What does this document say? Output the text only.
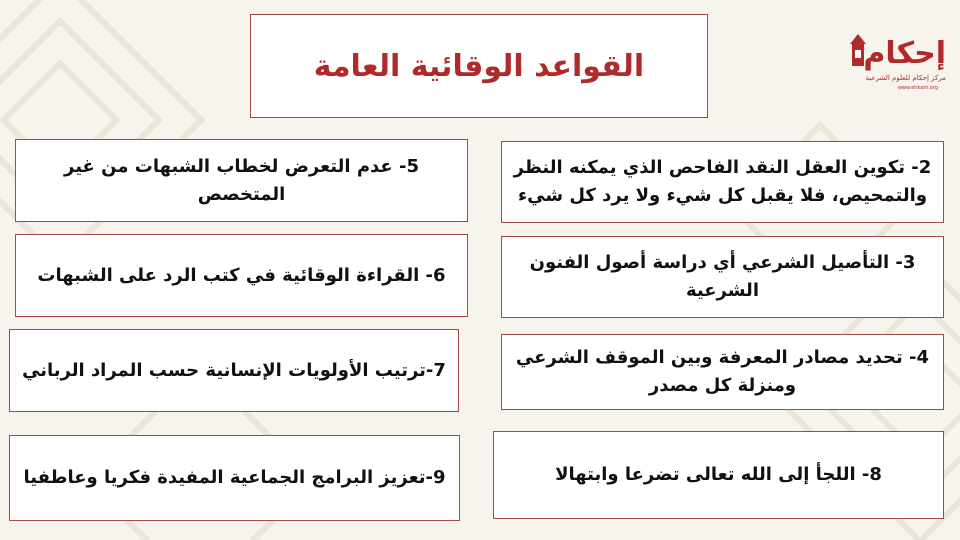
إحكام
مركز إحكام للعلوم الشرعية
www.ehkam.org
القواعد الوقائية العامة
2- تكوين العقل النقد الفاحص الذي يمكنه النظر والتمحيص، فلا يقبل كل شيء ولا يرد كل شيء
3- التأصيل الشرعي أي دراسة أصول الفنون الشرعية
4- تحديد مصادر المعرفة وبين الموقف الشرعي ومنزلة كل مصدر
8- اللجأ إلى الله تعالى تضرعا وابتهالا
5- عدم التعرض لخطاب الشبهات من غير المتخصص
6- القراءة الوقائية في كتب الرد على الشبهات
7-ترتيب الأولويات الإنسانية حسب المراد الرباني
9-تعزيز البرامج الجماعية المفيدة فكريا وعاطفيا
